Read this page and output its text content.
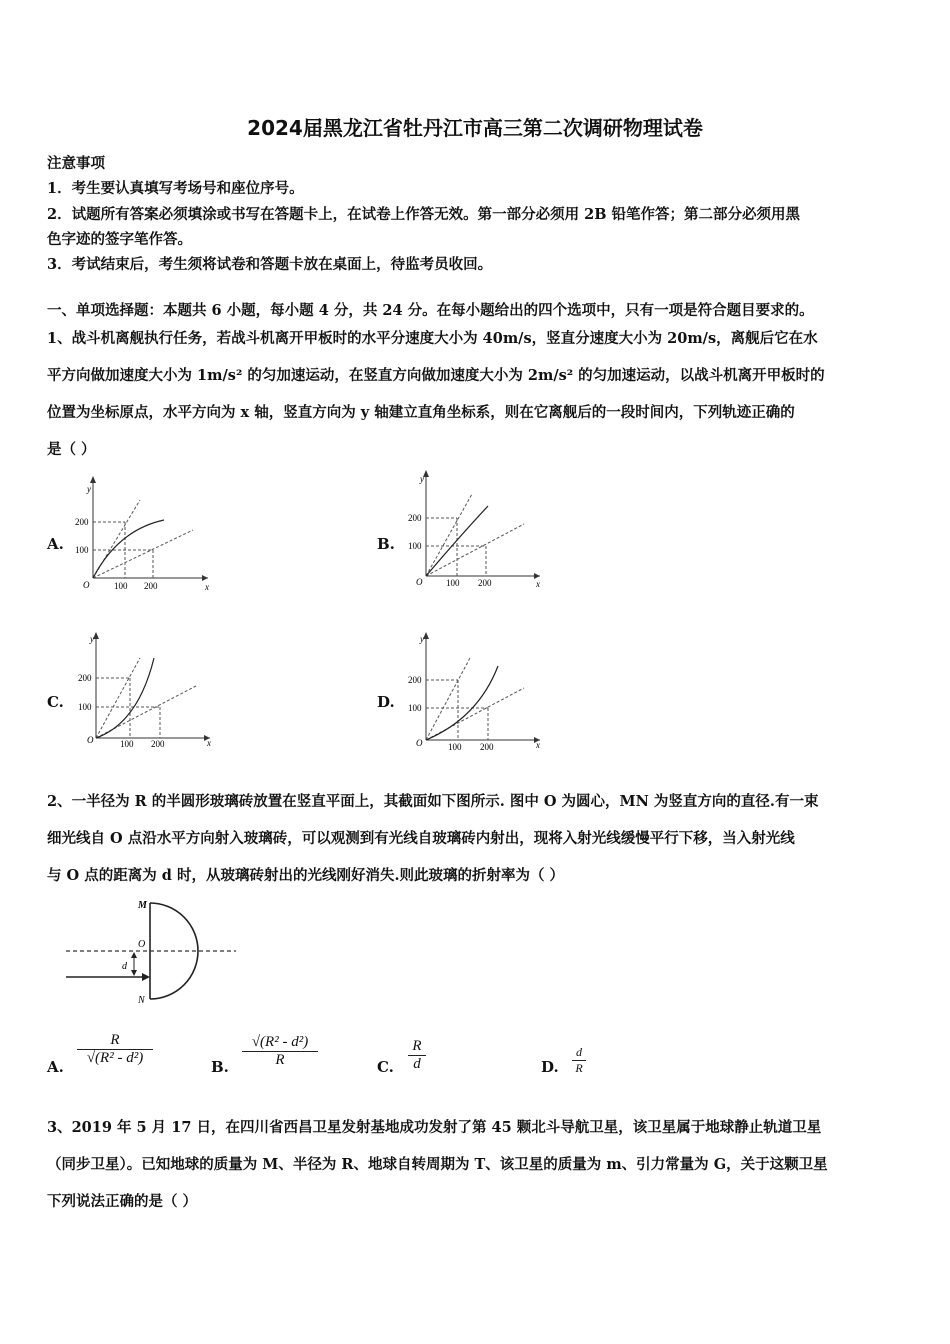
2024届黑龙江省牡丹江市高三第二次调研物理试卷
注意事项
1．考生要认真填写考场号和座位序号。
2．试题所有答案必须填涂或书写在答题卡上，在试卷上作答无效。第一部分必须用 2B 铅笔作答；第二部分必须用黑
色字迹的签字笔作答。
3．考试结束后，考生须将试卷和答题卡放在桌面上，待监考员收回。
一、单项选择题：本题共 6 小题，每小题 4 分，共 24 分。在每小题给出的四个选项中，只有一项是符合题目要求的。
1、战斗机离舰执行任务，若战斗机离开甲板时的水平分速度大小为 40m/s，竖直分速度大小为 20m/s，离舰后它在水
平方向做加速度大小为 1m/s² 的匀加速运动，在竖直方向做加速度大小为 2m/s² 的匀加速运动，以战斗机离开甲板时的
位置为坐标原点，水平方向为 x 轴，竖直方向为 y 轴建立直角坐标系，则在它离舰后的一段时间内，下列轨迹正确的
是（ ）
A.	B.
C.	D.
y
x
O
100
200
100 200
y
x
O
100
200
100 200
y
x
O
100
200
100 200
y
x
O
100
200
100 200
2、一半径为 R 的半圆形玻璃砖放置在竖直平面上，其截面如下图所示. 图中 O 为圆心，MN 为竖直方向的直径.有一束
细光线自 O 点沿水平方向射入玻璃砖，可以观测到有光线自玻璃砖内射出，现将入射光线缓慢平行下移，当入射光线
与 O 点的距离为 d 时，从玻璃砖射出的光线刚好消失.则此玻璃的折射率为（ ）
M
O
N
d
A.
R
√(R² - d²)	B.
√(R² - d²)
R	C.
R
d	D.
d
R
3、2019 年 5 月 17 日，在四川省西昌卫星发射基地成功发射了第 45 颗北斗导航卫星，该卫星属于地球静止轨道卫星
（同步卫星）。已知地球的质量为 M、半径为 R、地球自转周期为 T、该卫星的质量为 m、引力常量为 G，关于这颗卫星
下列说法正确的是（ ）
